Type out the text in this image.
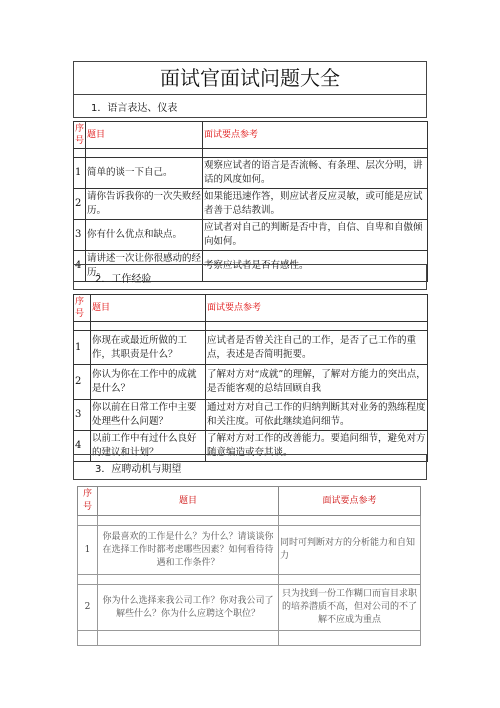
面试官面试问题大全
1．语言表达、仪表
序号	题目	面试要点参考

1	简单的谈一下自己。	观察应试者的语言是否流畅、有条理、层次分明，讲话的风度如何。
2	请你告诉我你的一次失败经历。	如果能迅速作答，则应试者反应灵敏，或可能是应试者善于总结教训。
3	你有什么优点和缺点。	应试者对自己的判断是否中肯，自信、自卑和自傲倾向如何。
4	请讲述一次让你很感动的经历。	考察应试者是否有感性。
2．工作经验
序号	题目	面试要点参考

1	你现在或最近所做的工作，其职责是什么？	应试者是否曾关注自己的工作，是否了己工作的重点，表述是否简明扼要。
2	你认为你在工作中的成就是什么？	了解对方对“成就”的理解，了解对方能力的突出点，是否能客观的总结回顾自我
3	你以前在日常工作中主要处理些什么问题？	通过对方对自己工作的归纳判断其对业务的熟练程度和关注度。可依此继续追问细节。
4	以前工作中有过什么良好的建议和计划？	了解对方对工作的改善能力。要追问细节，避免对方随意编造或夸其谈。
3．应聘动机与期望
序号	题目	面试要点参考

1	你最喜欢的工作是什么？为什么？请谈谈你在选择工作时都考虑哪些因素？如何看待待遇和工作条件？	同时可判断对方的分析能力和自知力

2	你为什么选择来我公司工作？你对我公司了解些什么？你为什么应聘这个职位？	只为找到一份工作糊口而盲目求职的培养潜质不高，但对公司的不了解不应成为重点
